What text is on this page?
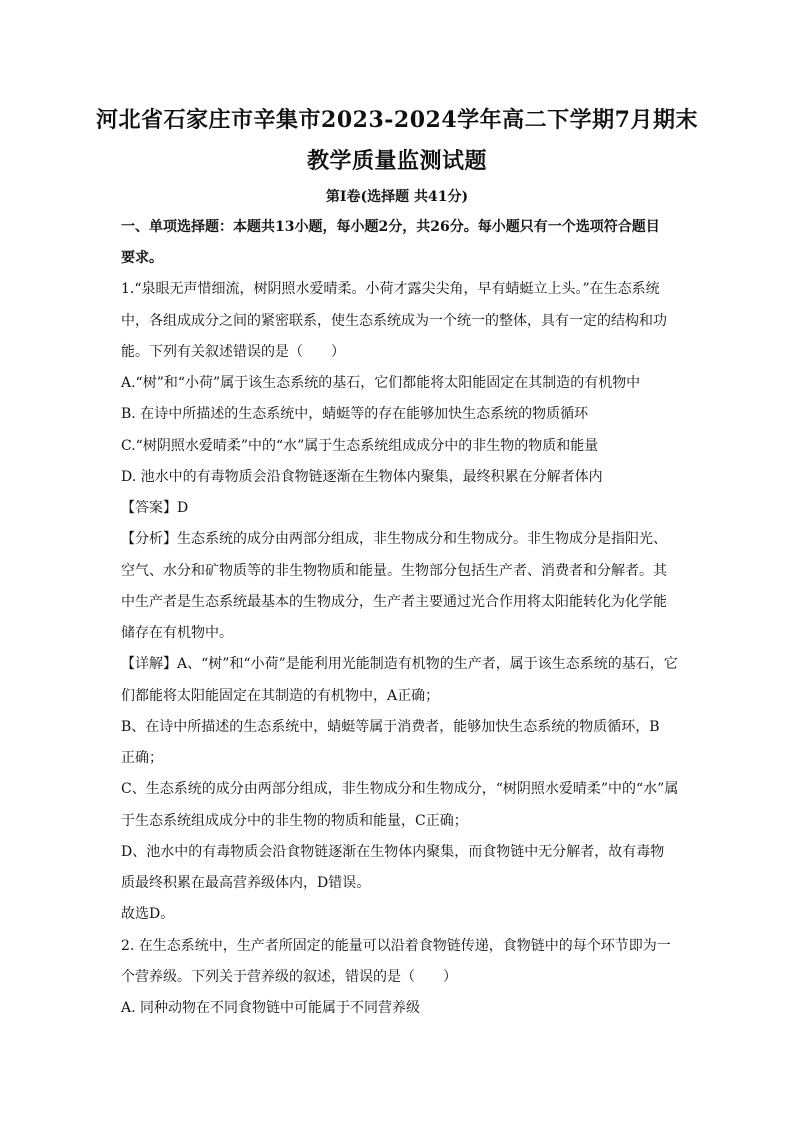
河北省石家庄市辛集市2023-2024学年高二下学期7月期末
教学质量监测试题
第Ⅰ卷(选择题 共41分)
一、单项选择题：本题共13小题，每小题2分，共26分。每小题只有一个选项符合题目
要求。
1.“泉眼无声惜细流，树阴照水爱晴柔。小荷才露尖尖角，早有蜻蜓立上头。”在生态系统
中，各组成成分之间的紧密联系，使生态系统成为一个统一的整体，具有一定的结构和功
能。下列有关叙述错误的是（　　）
A.“树”和“小荷”属于该生态系统的基石，它们都能将太阳能固定在其制造的有机物中
B. 在诗中所描述的生态系统中，蜻蜓等的存在能够加快生态系统的物质循环
C.“树阴照水爱晴柔”中的“水”属于生态系统组成成分中的非生物的物质和能量
D. 池水中的有毒物质会沿食物链逐渐在生物体内聚集，最终积累在分解者体内
【答案】D
【分析】生态系统的成分由两部分组成，非生物成分和生物成分。非生物成分是指阳光、
空气、水分和矿物质等的非生物物质和能量。生物部分包括生产者、消费者和分解者。其
中生产者是生态系统最基本的生物成分，生产者主要通过光合作用将太阳能转化为化学能
储存在有机物中。
【详解】A、“树”和“小荷”是能利用光能制造有机物的生产者，属于该生态系统的基石，它
们都能将太阳能固定在其制造的有机物中，A正确；
B、在诗中所描述的生态系统中，蜻蜓等属于消费者，能够加快生态系统的物质循环，B
正确；
C、生态系统的成分由两部分组成，非生物成分和生物成分，“树阴照水爱晴柔”中的“水”属
于生态系统组成成分中的非生物的物质和能量，C正确；
D、池水中的有毒物质会沿食物链逐渐在生物体内聚集，而食物链中无分解者，故有毒物
质最终积累在最高营养级体内，D错误。
故选D。
2. 在生态系统中，生产者所固定的能量可以沿着食物链传递，食物链中的每个环节即为一
个营养级。下列关于营养级的叙述，错误的是（　　）
A. 同种动物在不同食物链中可能属于不同营养级
